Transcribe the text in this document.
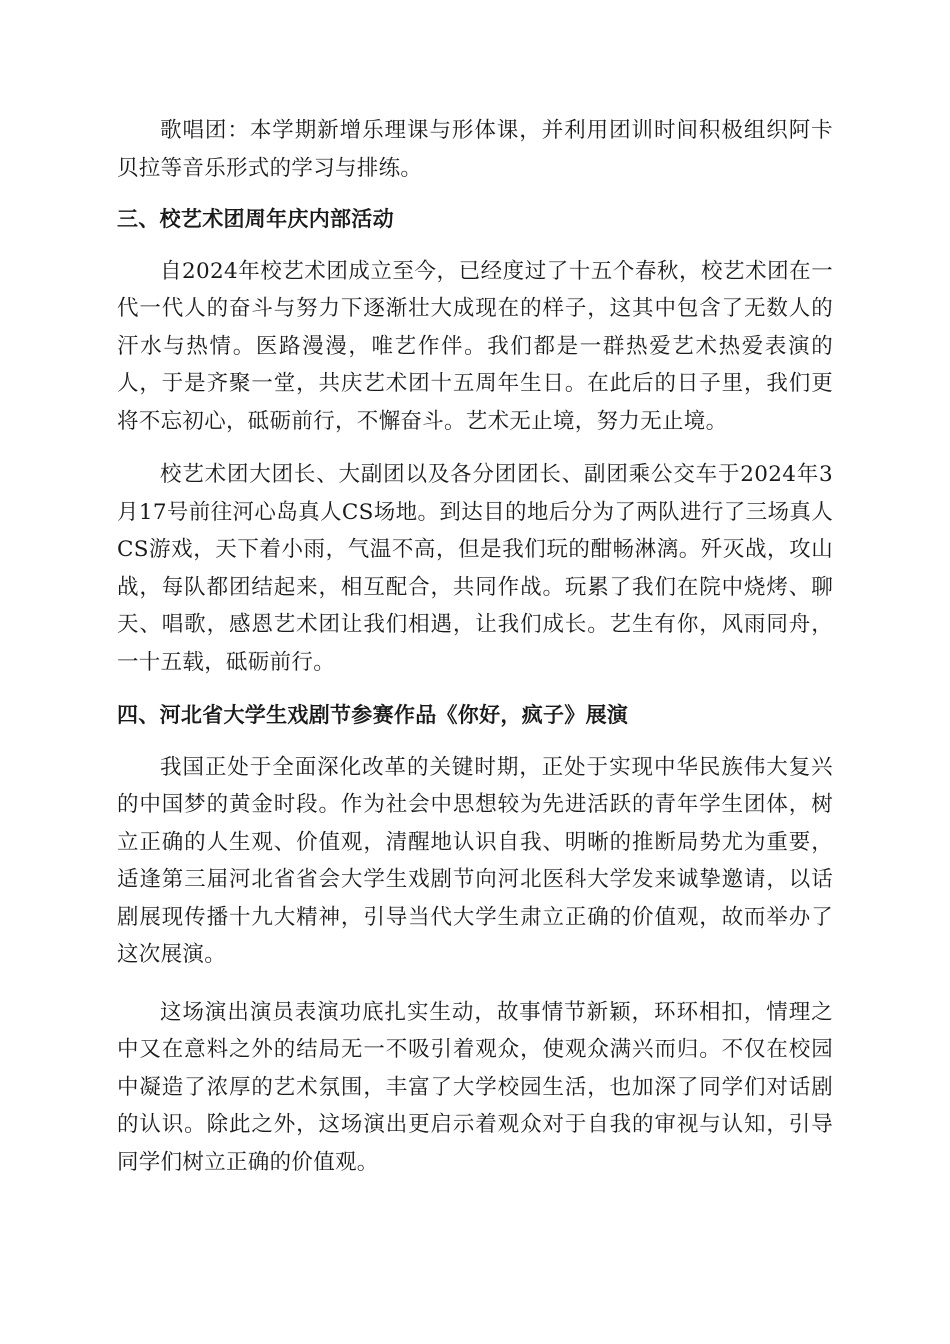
歌唱团：本学期新增乐理课与形体课，并利用团训时间积极组织阿卡贝拉等音乐形式的学习与排练。

三、校艺术团周年庆内部活动

自2024年校艺术团成立至今，已经度过了十五个春秋，校艺术团在一代一代人的奋斗与努力下逐渐壮大成现在的样子，这其中包含了无数人的汗水与热情。医路漫漫，唯艺作伴。我们都是一群热爱艺术热爱表演的人，于是齐聚一堂，共庆艺术团十五周年生日。在此后的日子里，我们更将不忘初心，砥砺前行，不懈奋斗。艺术无止境，努力无止境。

校艺术团大团长、大副团以及各分团团长、副团乘公交车于2024年3月17号前往河心岛真人CS场地。到达目的地后分为了两队进行了三场真人CS游戏，天下着小雨，气温不高，但是我们玩的酣畅淋漓。歼灭战，攻山战，每队都团结起来，相互配合，共同作战。玩累了我们在院中烧烤、聊天、唱歌，感恩艺术团让我们相遇，让我们成长。艺生有你，风雨同舟，一十五载，砥砺前行。

四、河北省大学生戏剧节参赛作品《你好，疯子》展演

我国正处于全面深化改革的关键时期，正处于实现中华民族伟大复兴的中国梦的黄金时段。作为社会中思想较为先进活跃的青年学生团体，树立正确的人生观、价值观，清醒地认识自我、明晰的推断局势尤为重要，适逢第三届河北省省会大学生戏剧节向河北医科大学发来诚挚邀请，以话剧展现传播十九大精神，引导当代大学生肃立正确的价值观，故而举办了这次展演。

这场演出演员表演功底扎实生动，故事情节新颖，环环相扣，情理之中又在意料之外的结局无一不吸引着观众，使观众满兴而归。不仅在校园中凝造了浓厚的艺术氛围，丰富了大学校园生活，也加深了同学们对话剧的认识。除此之外，这场演出更启示着观众对于自我的审视与认知，引导同学们树立正确的价值观。
